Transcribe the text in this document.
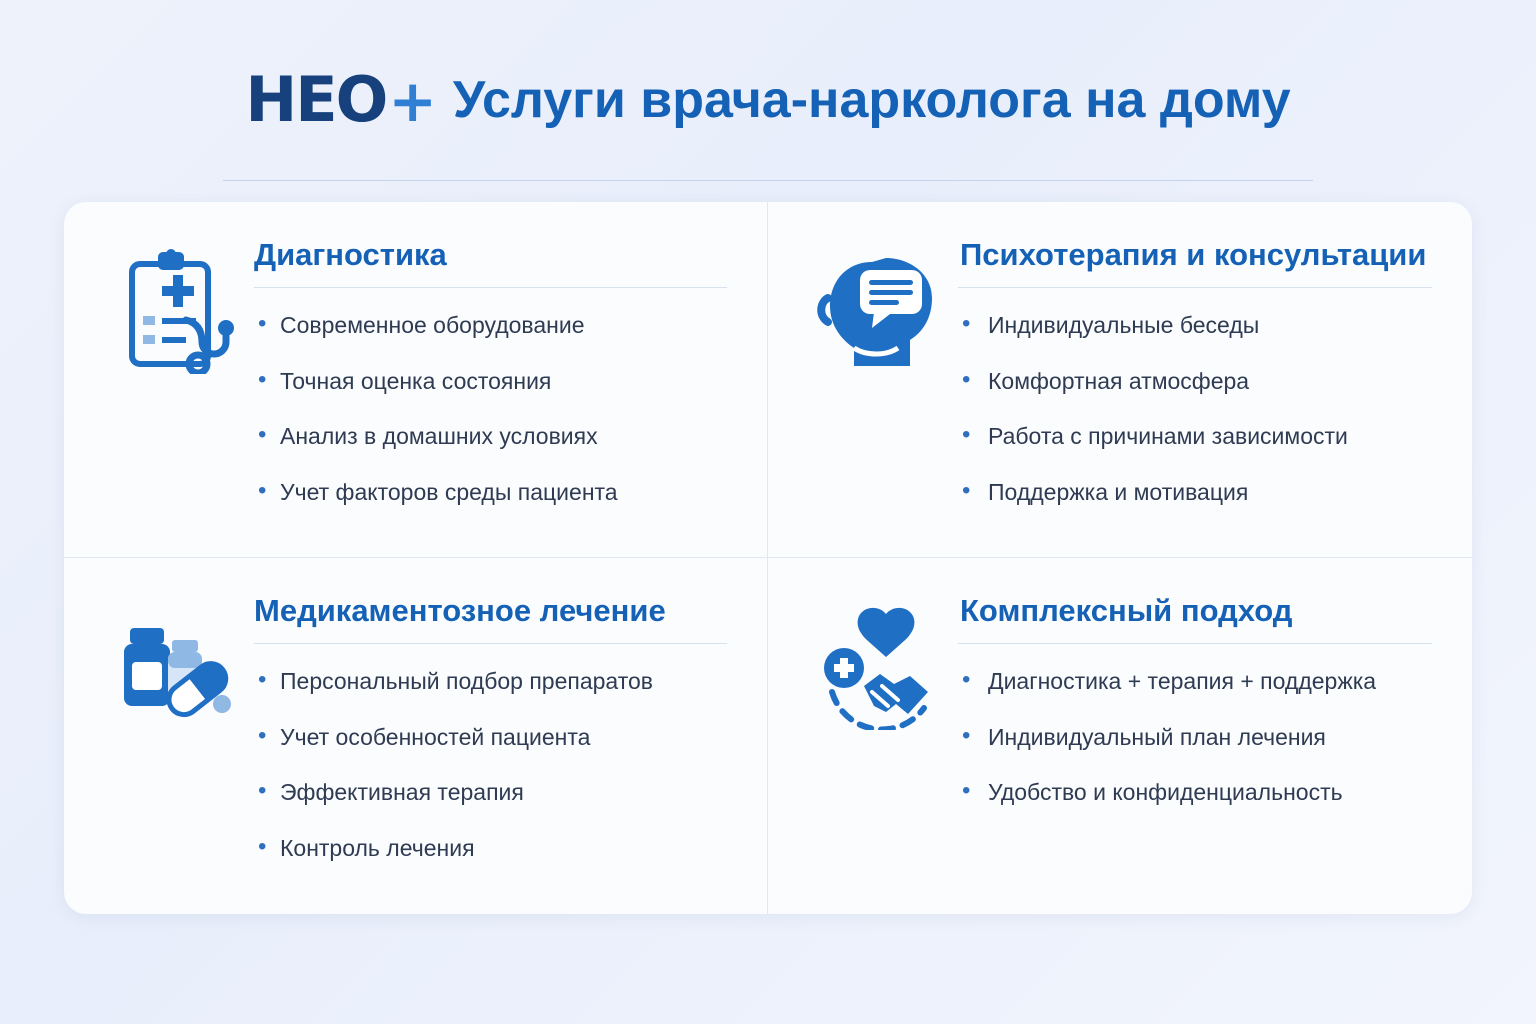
HEO + Услуги врача-нарколога на дому
Диагностика
• Современное оборудование
• Точная оценка состояния
• Анализ в домашних условиях
• Учет факторов среды пациента
Психотерапия и консультации
• Индивидуальные беседы
• Комфортная атмосфера
• Работа с причинами зависимости
• Поддержка и мотивация
Медикаментозное лечение
• Персональный подбор препаратов
• Учет особенностей пациента
• Эффективная терапия
• Контроль лечения
Комплексный подход
• Диагностика + терапия + поддержка
• Индивидуальный план лечения
• Удобство и конфиденциальность
